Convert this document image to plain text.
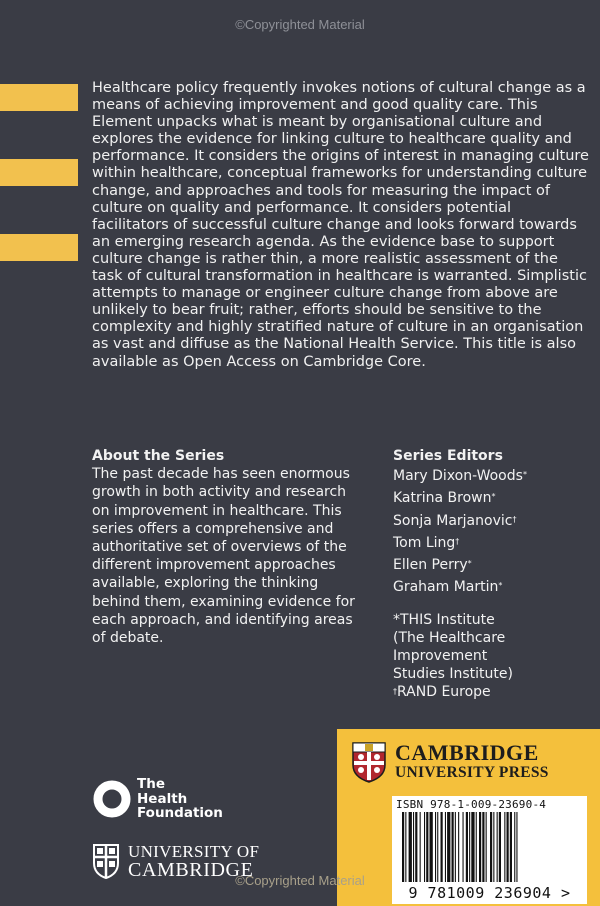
©Copyrighted Material

Healthcare policy frequently invokes notions of cultural change as a means of achieving improvement and good quality care. This Element unpacks what is meant by organisational culture and explores the evidence for linking culture to healthcare quality and performance. It considers the origins of interest in managing culture within healthcare, conceptual frameworks for understanding culture change, and approaches and tools for measuring the impact of culture on quality and performance. It considers potential facilitators of successful culture change and looks forward towards an emerging research agenda. As the evidence base to support culture change is rather thin, a more realistic assessment of the task of cultural transformation in healthcare is warranted. Simplistic attempts to manage or engineer culture change from above are unlikely to bear fruit; rather, efforts should be sensitive to the complexity and highly stratified nature of culture in an organisation as vast and diffuse as the National Health Service. This title is also available as Open Access on Cambridge Core.

About the Series

The past decade has seen enormous growth in both activity and research on improvement in healthcare. This series offers a comprehensive and authoritative set of overviews of the different improvement approaches available, exploring the thinking behind them, examining evidence for each approach, and identifying areas of debate.

Series Editors
Mary Dixon-Woods*
Katrina Brown*
Sonja Marjanovic†
Tom Ling†
Ellen Perry*
Graham Martin*
*THIS Institute (The Healthcare Improvement Studies Institute)
†RAND Europe
The
Health
Foundation
UNIVERSITY OF
CAMBRIDGE
CAMBRIDGE
UNIVERSITY PRESS
ISBN 978-1-009-23690-4
9 781009 236904 >
©Copyrighted Material
